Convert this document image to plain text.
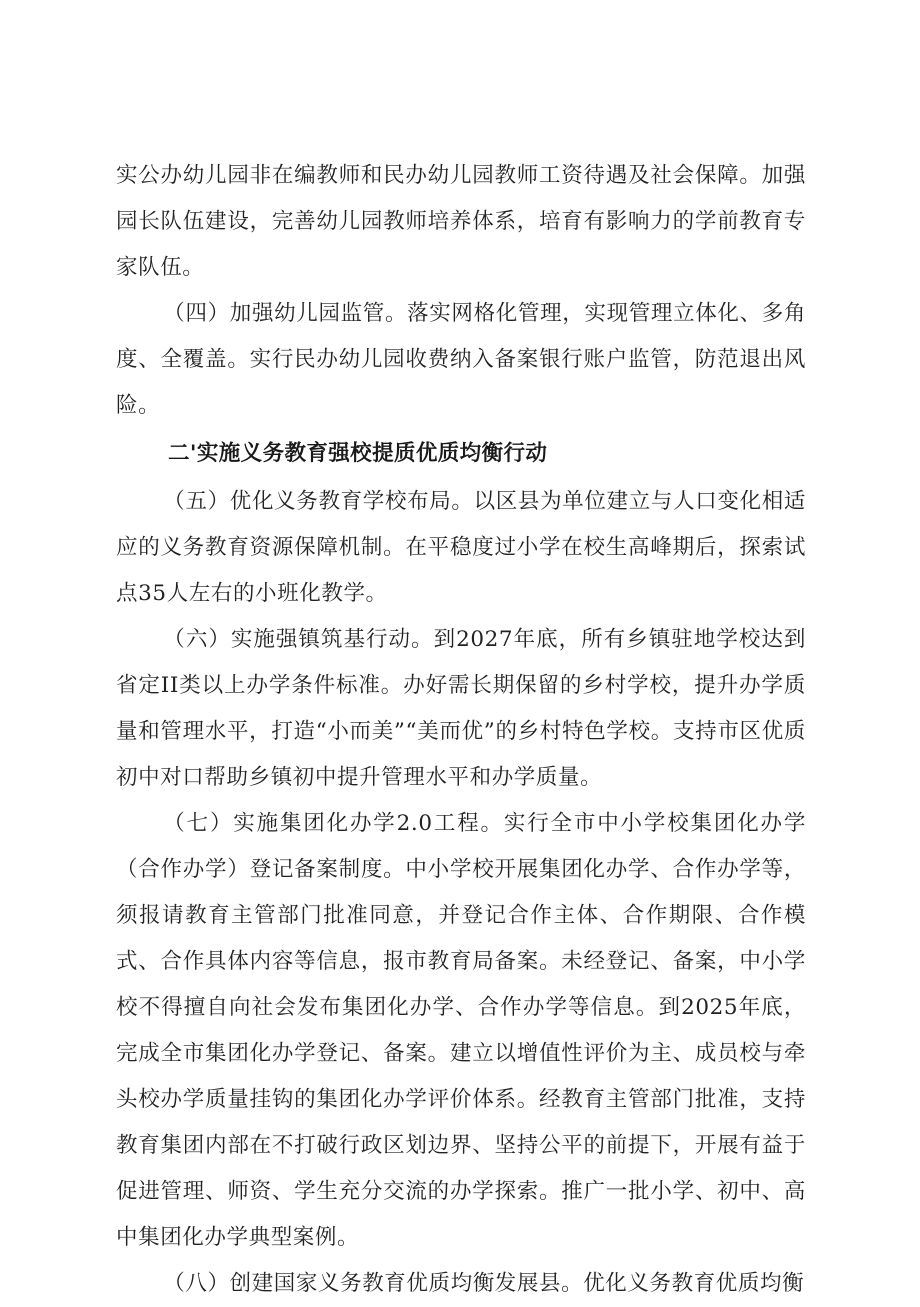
实公办幼儿园非在编教师和民办幼儿园教师工资待遇及社会保障。加强园长队伍建设，完善幼儿园教师培养体系，培育有影响力的学前教育专家队伍。

（四）加强幼儿园监管。落实网格化管理，实现管理立体化、多角度、全覆盖。实行民办幼儿园收费纳入备案银行账户监管，防范退出风险。

二'实施义务教育强校提质优质均衡行动

（五）优化义务教育学校布局。以区县为单位建立与人口变化相适应的义务教育资源保障机制。在平稳度过小学在校生高峰期后，探索试点35人左右的小班化教学。

（六）实施强镇筑基行动。到2027年底，所有乡镇驻地学校达到省定II类以上办学条件标准。办好需长期保留的乡村学校，提升办学质量和管理水平，打造“小而美”“美而优”的乡村特色学校。支持市区优质初中对口帮助乡镇初中提升管理水平和办学质量。

（七）实施集团化办学2.0工程。实行全市中小学校集团化办学（合作办学）登记备案制度。中小学校开展集团化办学、合作办学等，须报请教育主管部门批准同意，并登记合作主体、合作期限、合作模式、合作具体内容等信息，报市教育局备案。未经登记、备案，中小学校不得擅自向社会发布集团化办学、合作办学等信息。到2025年底，完成全市集团化办学登记、备案。建立以增值性评价为主、成员校与牵头校办学质量挂钩的集团化办学评价体系。经教育主管部门批准，支持教育集团内部在不打破行政区划边界、坚持公平的前提下，开展有益于促进管理、师资、学生充分交流的办学探索。推广一批小学、初中、高中集团化办学典型案例。

（八）创建国家义务教育优质均衡发展县。优化义务教育优质均衡
